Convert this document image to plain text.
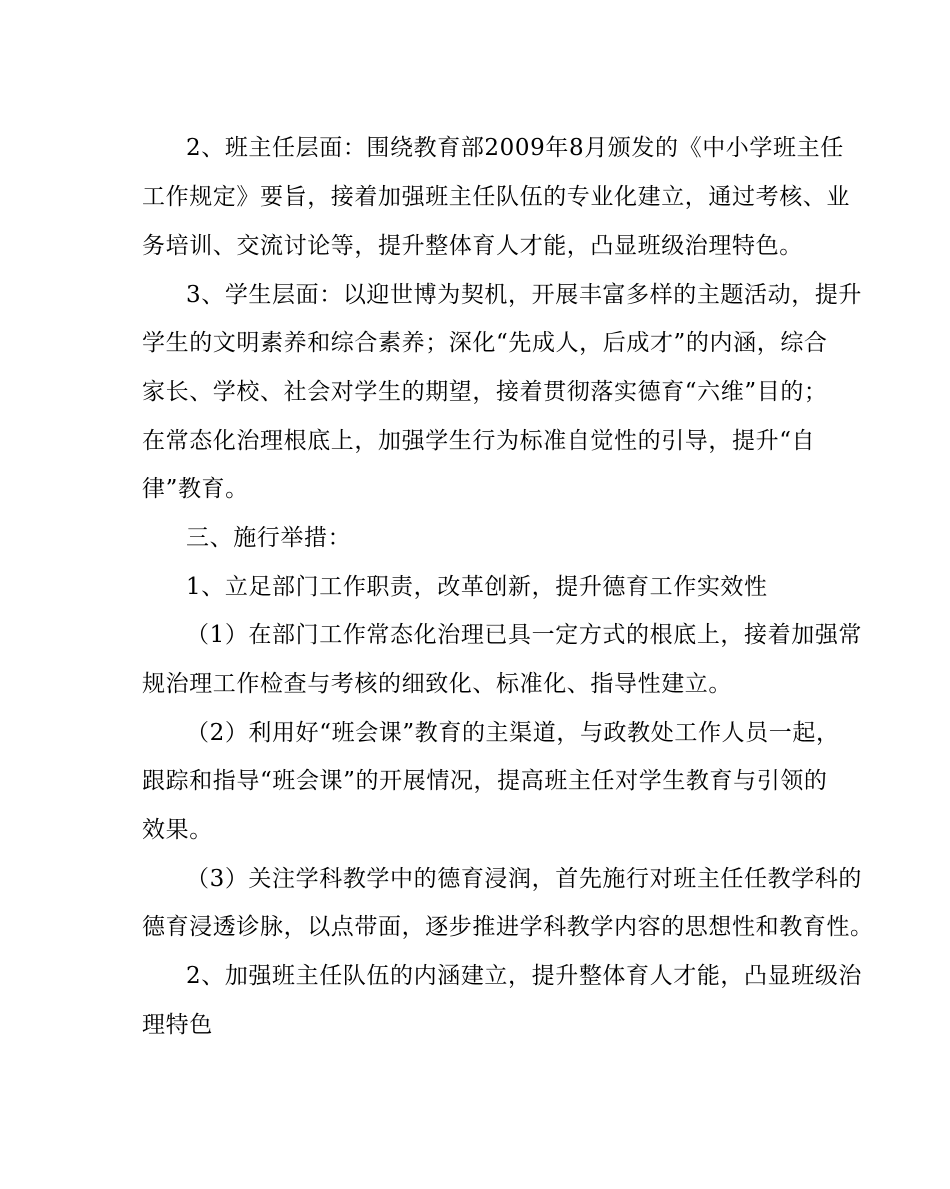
2、班主任层面：围绕教育部2009年8月颁发的《中小学班主任
工作规定》要旨，接着加强班主任队伍的专业化建立，通过考核、业
务培训、交流讨论等，提升整体育人才能，凸显班级治理特色。
3、学生层面：以迎世博为契机，开展丰富多样的主题活动，提升
学生的文明素养和综合素养；深化“先成人，后成才”的内涵，综合
家长、学校、社会对学生的期望，接着贯彻落实德育“六维”目的；
在常态化治理根底上，加强学生行为标准自觉性的引导，提升“自
律”教育。
三、施行举措：
1、立足部门工作职责，改革创新，提升德育工作实效性
（1）在部门工作常态化治理已具一定方式的根底上，接着加强常
规治理工作检查与考核的细致化、标准化、指导性建立。
（2）利用好“班会课”教育的主渠道，与政教处工作人员一起，
跟踪和指导“班会课”的开展情况，提高班主任对学生教育与引领的
效果。
（3）关注学科教学中的德育浸润，首先施行对班主任任教学科的
德育浸透诊脉，以点带面，逐步推进学科教学内容的思想性和教育性。
2、加强班主任队伍的内涵建立，提升整体育人才能，凸显班级治
理特色
